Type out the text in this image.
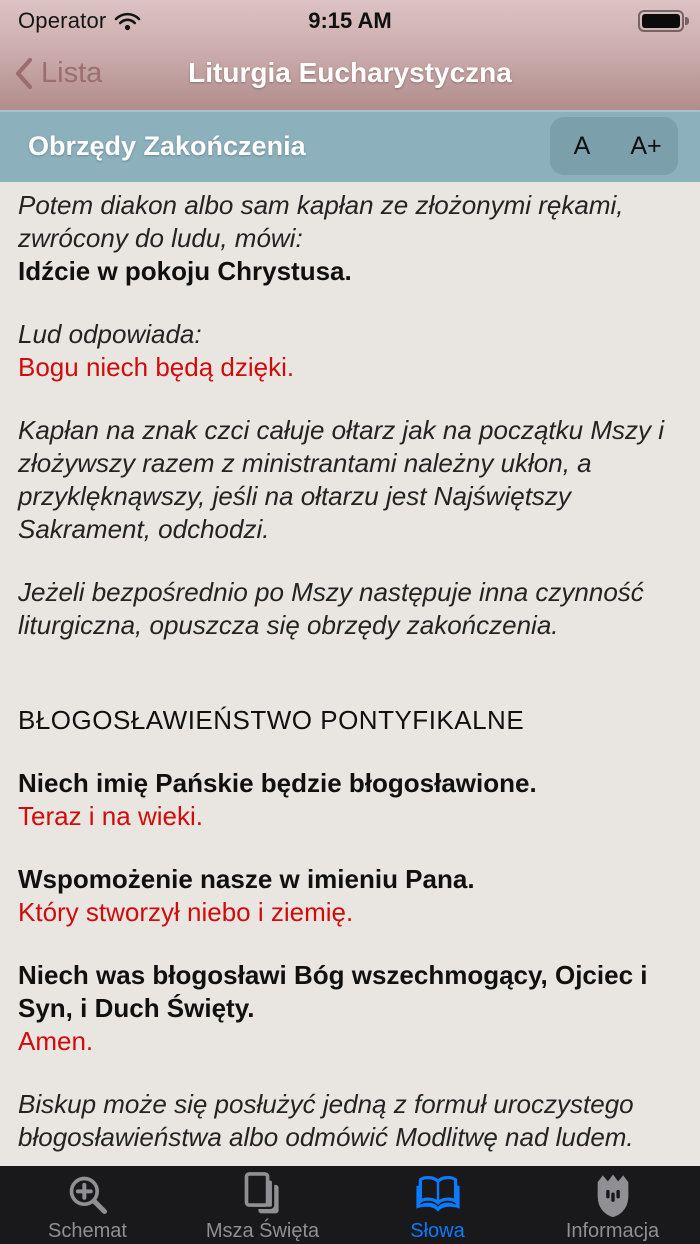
Operator	9:15 AM
Liturgia Eucharystyczna
Lista
Obrzędy Zakończenia	A	A+

Potem diakon albo sam kapłan ze złożonymi rękami, zwrócony do ludu, mówi:

Idźcie w pokoju Chrystusa.

Lud odpowiada:

Bogu niech będą dzięki.

Kapłan na znak czci całuje ołtarz jak na początku Mszy i złożywszy razem z ministrantami należny ukłon, a przyklęknąwszy, jeśli na ołtarzu jest Najświętszy Sakrament, odchodzi.

Jeżeli bezpośrednio po Mszy następuje inna czynność liturgiczna, opuszcza się obrzędy zakończenia.

BŁOGOSŁAWIEŃSTWO PONTYFIKALNE

Niech imię Pańskie będzie błogosławione.

Teraz i na wieki.

Wspomożenie nasze w imieniu Pana.

Który stworzył niebo i ziemię.

Niech was błogosławi Bóg wszechmogący, Ojciec i Syn, i Duch Święty.

Amen.

Biskup może się posłużyć jedną z formuł uroczystego błogosławieństwa albo odmówić Modlitwę nad ludem.

Schemat	Msza Święta	Słowa	Informacja
